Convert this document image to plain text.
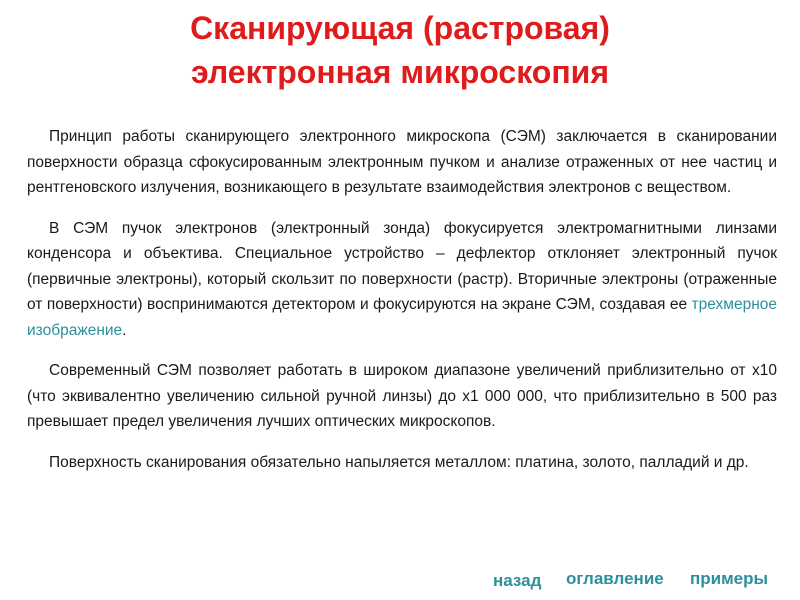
Сканирующая (растровая)
электронная микроскопия

Принцип работы сканирующего электронного микроскопа (СЭМ) заключается в сканировании поверхности образца сфокусированным электронным пучком и анализе отраженных от нее частиц и рентгеновского излучения, возникающего в результате взаимодействия электронов с веществом.

В СЭМ пучок электронов (электронный зонда) фокусируется электромагнитными линзами конденсора и объектива. Специальное устройство – дефлектор отклоняет электронный пучок (первичные электроны), который скользит по поверхности (растр). Вторичные электроны (отраженные от поверхности) воспринимаются детектором и фокусируются на экране СЭМ, создавая ее трехмерное изображение.

Современный СЭМ позволяет работать в широком диапазоне увеличений приблизительно от х10 (что эквивалентно увеличению сильной ручной линзы) до х1 000 000, что приблизительно в 500 раз превышает предел увеличения лучших оптических микроскопов.

Поверхность сканирования обязательно напыляется металлом: платина, золото, палладий и др.

назад оглавление примеры
